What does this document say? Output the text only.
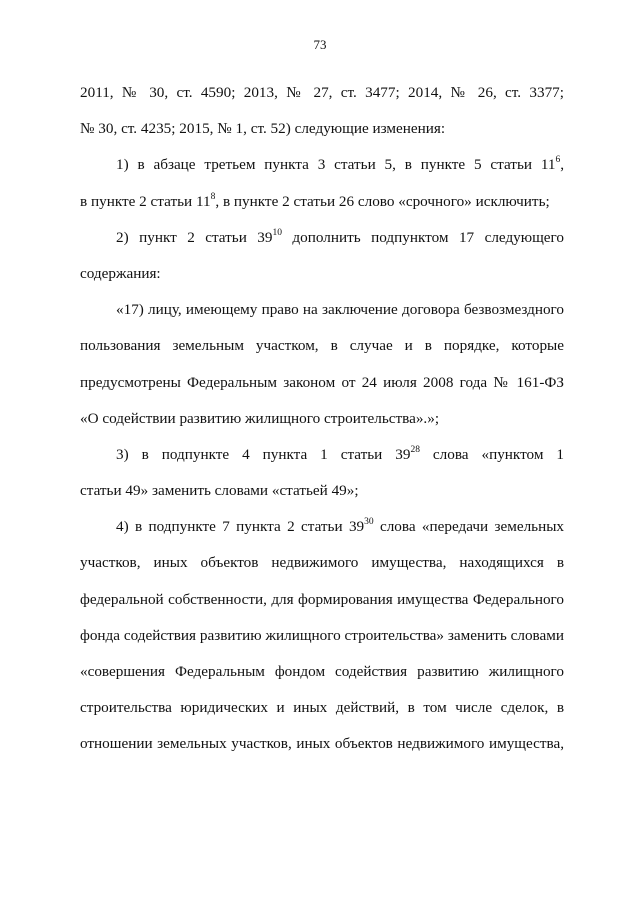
73
2011, № 30, ст. 4590; 2013, № 27, ст. 3477; 2014, № 26, ст. 3377;
№ 30, ст. 4235; 2015, № 1, ст. 52) следующие изменения:
1) в абзаце третьем пункта 3 статьи 5, в пункте 5 статьи $11^6$,
в пункте 2 статьи $11^8$, в пункте 2 статьи 26 слово «срочного» исключить;
2) пункт 2 статьи $39^{10}$ дополнить подпунктом 17 следующего
содержания:
«17) лицу, имеющему право на заключение договора безвозмездного
пользования земельным участком, в случае и в порядке, которые
предусмотрены Федеральным законом от 24 июля 2008 года № 161-ФЗ
«О содействии развитию жилищного строительства».»;
3) в подпункте 4 пункта 1 статьи $39^{28}$ слова «пунктом 1
статьи 49» заменить словами «статьей 49»;
4) в подпункте 7 пункта 2 статьи $39^{30}$ слова «передачи земельных
участков, иных объектов недвижимого имущества, находящихся в
федеральной собственности, для формирования имущества Федерального
фонда содействия развитию жилищного строительства» заменить словами
«совершения Федеральным фондом содействия развитию жилищного
строительства юридических и иных действий, в том числе сделок, в
отношении земельных участков, иных объектов недвижимого имущества,
